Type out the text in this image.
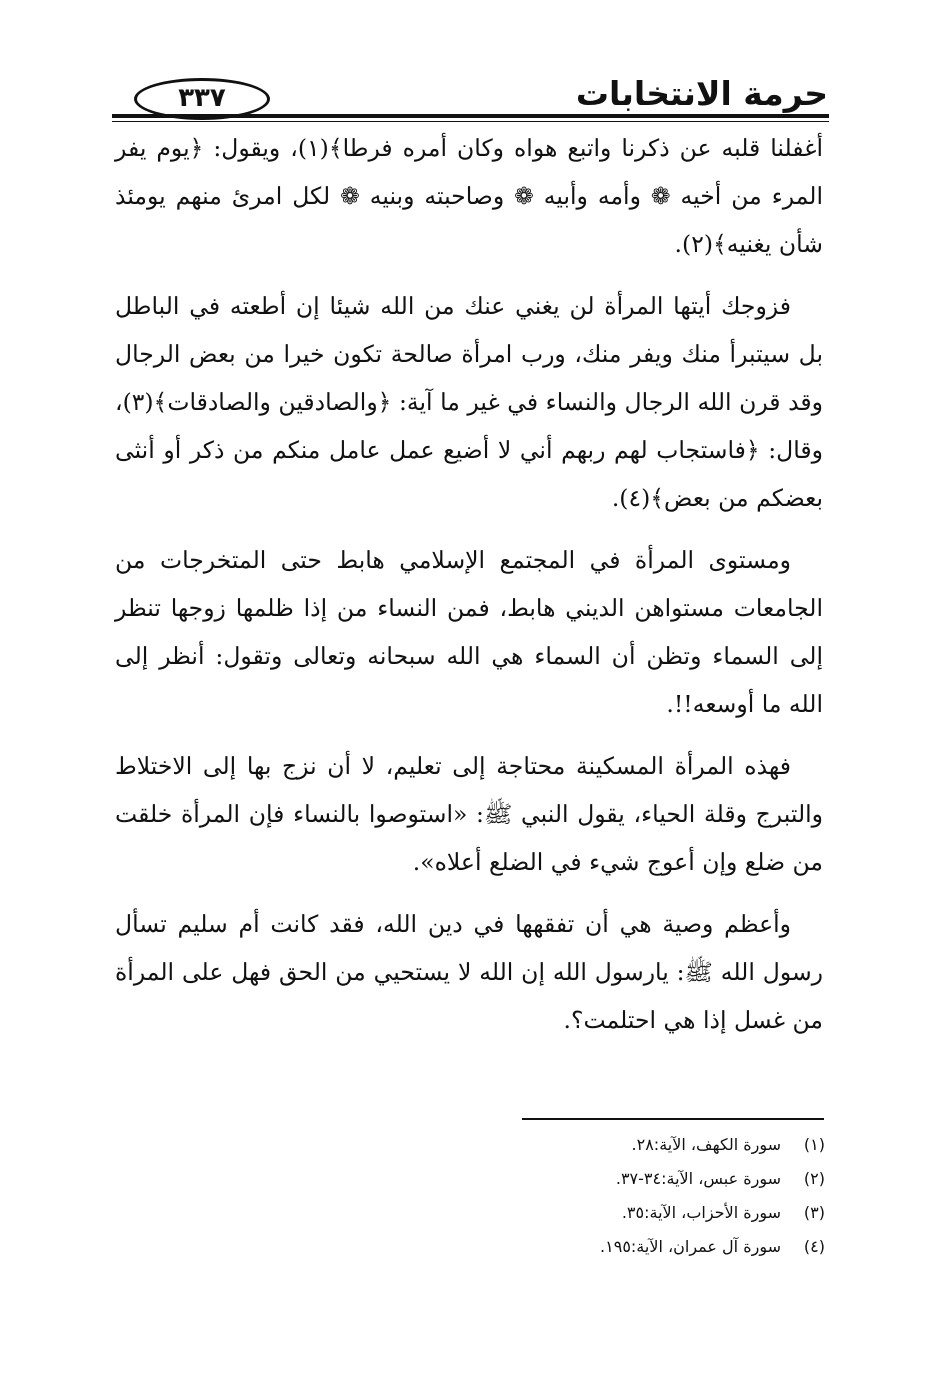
حرمة الانتخابات
٣٣٧

أغفلنا قلبه عن ذكرنا واتبع هواه وكان أمره فرطا﴾(١)، ويقول: ﴿يوم يفر المرء من أخيه ❁ وأمه وأبيه ❁ وصاحبته وبنيه ❁ لكل امرئ منهم يومئذ شأن يغنيه﴾(٢).

فزوجك أيتها المرأة لن يغني عنك من الله شيئا إن أطعته في الباطل بل سيتبرأ منك ويفر منك، ورب امرأة صالحة تكون خيرا من بعض الرجال وقد قرن الله الرجال والنساء في غير ما آية: ﴿والصادقين والصادقات﴾(٣)، وقال: ﴿فاستجاب لهم ربهم أني لا أضيع عمل عامل منكم من ذكر أو أنثى بعضكم من بعض﴾(٤).

ومستوى المرأة في المجتمع الإسلامي هابط حتى المتخرجات من الجامعات مستواهن الديني هابط، فمن النساء من إذا ظلمها زوجها تنظر إلى السماء وتظن أن السماء هي الله سبحانه وتعالى وتقول: أنظر إلى الله ما أوسعه!!.

فهذه المرأة المسكينة محتاجة إلى تعليم، لا أن نزج بها إلى الاختلاط والتبرج وقلة الحياء، يقول النبي ﷺ: «استوصوا بالنساء فإن المرأة خلقت من ضلع وإن أعوج شيء في الضلع أعلاه».

وأعظم وصية هي أن تفقهها في دين الله، فقد كانت أم سليم تسأل رسول الله ﷺ: يارسول الله إن الله لا يستحيي من الحق فهل على المرأة من غسل إذا هي احتلمت؟.

(١)
سورة الكهف، الآية:٢٨.
(٢)
سورة عبس، الآية:٣٤-٣٧.
(٣)
سورة الأحزاب، الآية:٣٥.
(٤)
سورة آل عمران، الآية:١٩٥.
